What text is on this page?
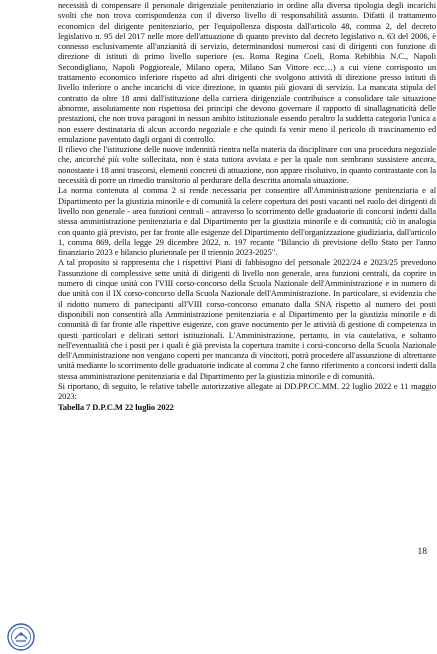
necessità di compensare il personale dirigenziale penitenziario in ordine alla diversa tipologia degli incarichi svolti che non trova corrispondenza con il diverso livello di responsabilità assunto. Difatti il trattamento economico del dirigente penitenziario, per l'equipollenza disposta dall'articolo 48, comma 2, del decreto legislativo n. 95 del 2017 nelle more dell'attuazione di quanto previsto dal decreto legislativo n. 63 del 2006, è connesso esclusivamente all'anzianità di servizio, determinandosi numerosi casi di dirigenti con funzione di direzione di istituti di primo livello superiore (es. Roma Regina Coeli, Roma Rebibbia N.C., Napoli Secondigliano, Napoli Poggioreale, Milano opera, Milano San Vittore ecc…) a cui viene corrisposto un trattamento economico inferiore rispetto ad altri dirigenti che svolgono attività di direzione presso istituti di livello inferiore o anche incarichi di vice direzione, in quanto più giovani di servizio. La mancata stipula del contratto da oltre 18 anni dall'istituzione della carriera dirigenziale contribuisce a consolidare tale situazione abnorme, assolutamente non rispettosa dei principi che devono governare il rapporto di sinallagmaticità delle prestazioni, che non trova paragoni in nessun ambito istituzionale essendo peraltro la suddetta categoria l'unica a non essere destinataria di alcun accordo negoziale e che quindi fa venir meno il pericolo di trascinamento ed emulazione paventato dagli organi di controllo.

Il rilievo che l'istituzione delle nuove indennità rientra nella materia da disciplinare con una procedura negoziale che, ancorché più volte sollecitata, non è stata tuttora avviata e per la quale non sembrano sussistere ancora, nonostante i 18 anni trascorsi, elementi concreti di attuazione, non appare risolutivo, in quanto contrastante con la necessità di porre un rimedio transitorio al perdurare della descritta anomala situazione.

La norma contenuta al comma 2 si rende necessaria per consentire all'Amministrazione penitenziaria e al Dipartimento per la giustizia minorile e di comunità la celere copertura dei posti vacanti nel ruolo dei dirigenti di livello non generale - area funzioni centrali - attraverso lo scorrimento delle graduatorie di concorsi indetti dalla stessa amministrazione penitenziaria e dal Dipartimento per la giustizia minorile e di comunità; ciò in analogia con quanto già previsto, per far fronte alle esigenze del Dipartimento dell'organizzazione giudiziaria, dall'articolo 1, comma 869, della legge 29 dicembre 2022, n. 197 recante "Bilancio di previsione dello Stato per l'anno finanziario 2023 e bilancio pluriennale per il triennio 2023-2025".

A tal proposito si rappresenta che i rispettivi Piani di fabbisogno del personale 2022/24 e 2023/25 prevedono l'assunzione di complessive sette unità di dirigenti di livello non generale, area funzioni centrali, da coprire in numero di cinque unità con l'VIII corso-concorso della Scuola Nazionale dell'Amministrazione e in numero di due unità con il IX corso-concorso della Scuola Nazionale dell'Amministrazione. In particolare, si evidenzia che il ridotto numero di partecipanti all'VIII corso-concorso emanato dalla SNA rispetto al numero dei posti disponibili non consentirà alla Amministrazione penitenziaria e al Dipartimento per la giustizia minorile e di comunità di far fronte alle rispettive esigenze, con grave nocumento per le attività di gestione di competenza in questi particolari e delicati settori istituzionali. L'Amministrazione, pertanto, in via cautelativa, e soltanto nell'eventualità che i posti per i quali è già prevista la copertura tramite i corsi-concorso della Scuola Nazionale dell'Amministrazione non vengano coperti per mancanza di vincitori, potrà procedere all'assunzione di altrettante unità mediante lo scorrimento delle graduatorie indicate al comma 2 che fanno riferimento a concorsi indetti dalla stessa amministrazione penitenziaria e dal Dipartimento per la giustizia minorile e di comunità.

Si riportano, di seguito, le relative tabelle autorizzative allegate ai DD.PP.CC.MM. 22 luglio 2022 e 11 maggio 2023:

Tabella 7 D.P.C.M 22 luglio 2022

18
